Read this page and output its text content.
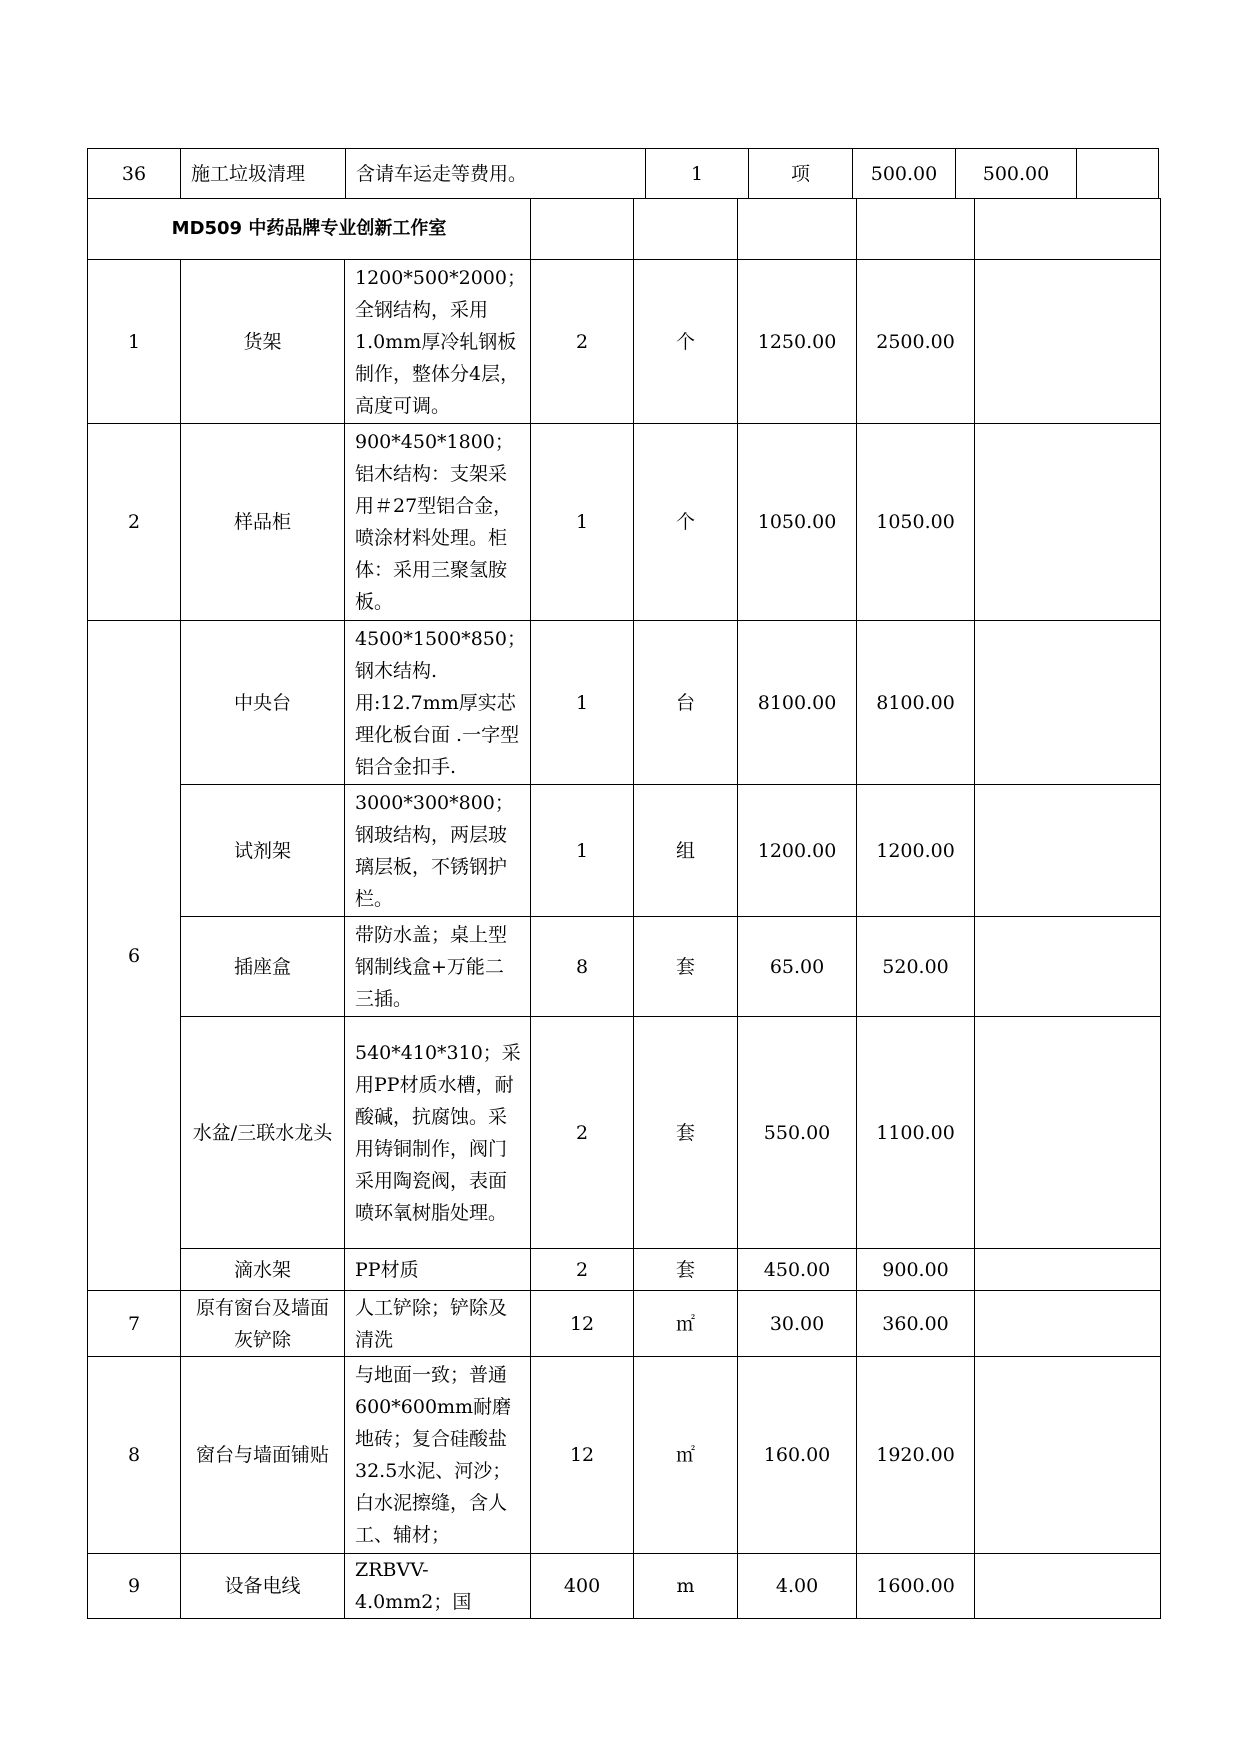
36	施工垃圾清理	含请车运走等费用。	1	项	500.00	500.00	
MD509 中药品牌专业创新工作室							
1	货架	1200*500*2000；全钢结构，采用1.0mm厚冷轧钢板制作，整体分4层，高度可调。	2	个	1250.00	2500.00	
2	样品柜	900*450*1800；铝木结构：支架采用＃27型铝合金，喷涂材料处理。柜体：采用三聚氢胺板。	1	个	1050.00	1050.00	
6	中央台	4500*1500*850；钢木结构.用:12.7mm厚实芯理化板台面 .一字型铝合金扣手.	1	台	8100.00	8100.00	
	试剂架	3000*300*800；钢玻结构，两层玻璃层板，不锈钢护栏。	1	组	1200.00	1200.00	
	插座盒	带防水盖；桌上型钢制线盒+万能二三插。	8	套	65.00	520.00	
	水盆/三联水龙头	540*410*310；采用PP材质水槽，耐酸碱，抗腐蚀。采用铸铜制作，阀门采用陶瓷阀，表面喷环氧树脂处理。	2	套	550.00	1100.00	
	滴水架	PP材质	2	套	450.00	900.00	
7	原有窗台及墙面灰铲除	人工铲除；铲除及清洗	12	㎡	30.00	360.00	
8	窗台与墙面铺贴	与地面一致；普通600*600mm耐磨地砖；复合硅酸盐32.5水泥、河沙；白水泥擦缝，含人工、辅材；	12	㎡	160.00	1920.00	
9	设备电线	ZRBVV-4.0mm2；国	400	m	4.00	1600.00	
